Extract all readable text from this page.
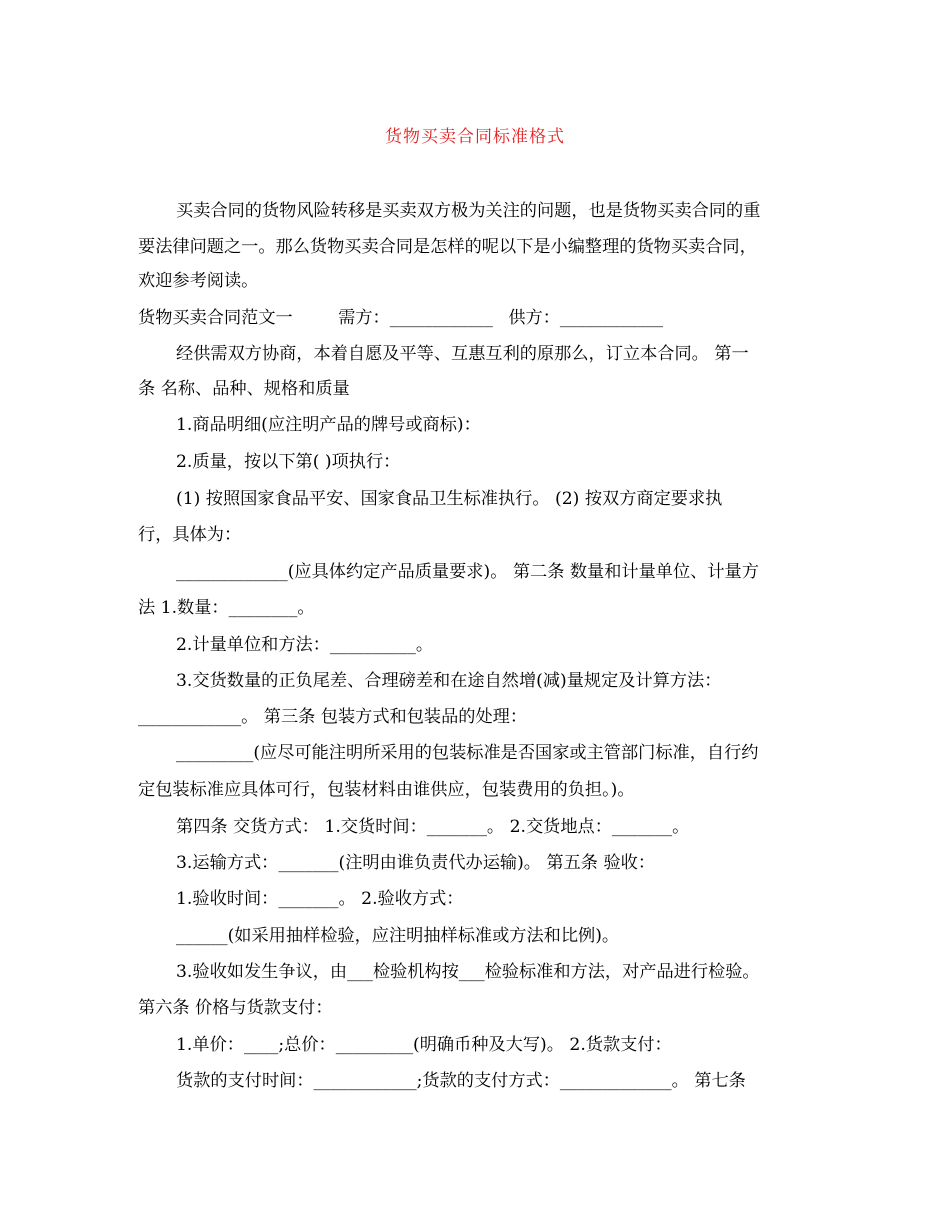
货物买卖合同标准格式
买卖合同的货物风险转移是买卖双方极为关注的问题，也是货物买卖合同的重
要法律问题之一。那么货物买卖合同是怎样的呢以下是小编整理的货物买卖合同，
欢迎参考阅读。
货物买卖合同范文一	需方：____________ 供方：____________
经供需双方协商，本着自愿及平等、互惠互利的原那么，订立本合同。 第一
条 名称、品种、规格和质量
1.商品明细(应注明产品的牌号或商标)：
2.质量，按以下第( )项执行：
(1) 按照国家食品平安、国家食品卫生标准执行。 (2) 按双方商定要求执
行，具体为：
_____________(应具体约定产品质量要求)。 第二条 数量和计量单位、计量方
法 1.数量：________。
2.计量单位和方法：__________。
3.交货数量的正负尾差、合理磅差和在途自然增(减)量规定及计算方法：
____________。 第三条 包装方式和包装品的处理：
_________(应尽可能注明所采用的包装标准是否国家或主管部门标准，自行约
定包装标准应具体可行，包装材料由谁供应，包装费用的负担。)。
第四条 交货方式： 1.交货时间：_______。 2.交货地点：_______。
3.运输方式：_______(注明由谁负责代办运输)。 第五条 验收：
1.验收时间：_______。 2.验收方式：
______(如采用抽样检验，应注明抽样标准或方法和比例)。
3.验收如发生争议，由___检验机构按___检验标准和方法，对产品进行检验。
第六条 价格与货款支付：
1.单价：____;总价：_________(明确币种及大写)。 2.货款支付：
货款的支付时间：____________;货款的支付方式：_____________。 第七条
